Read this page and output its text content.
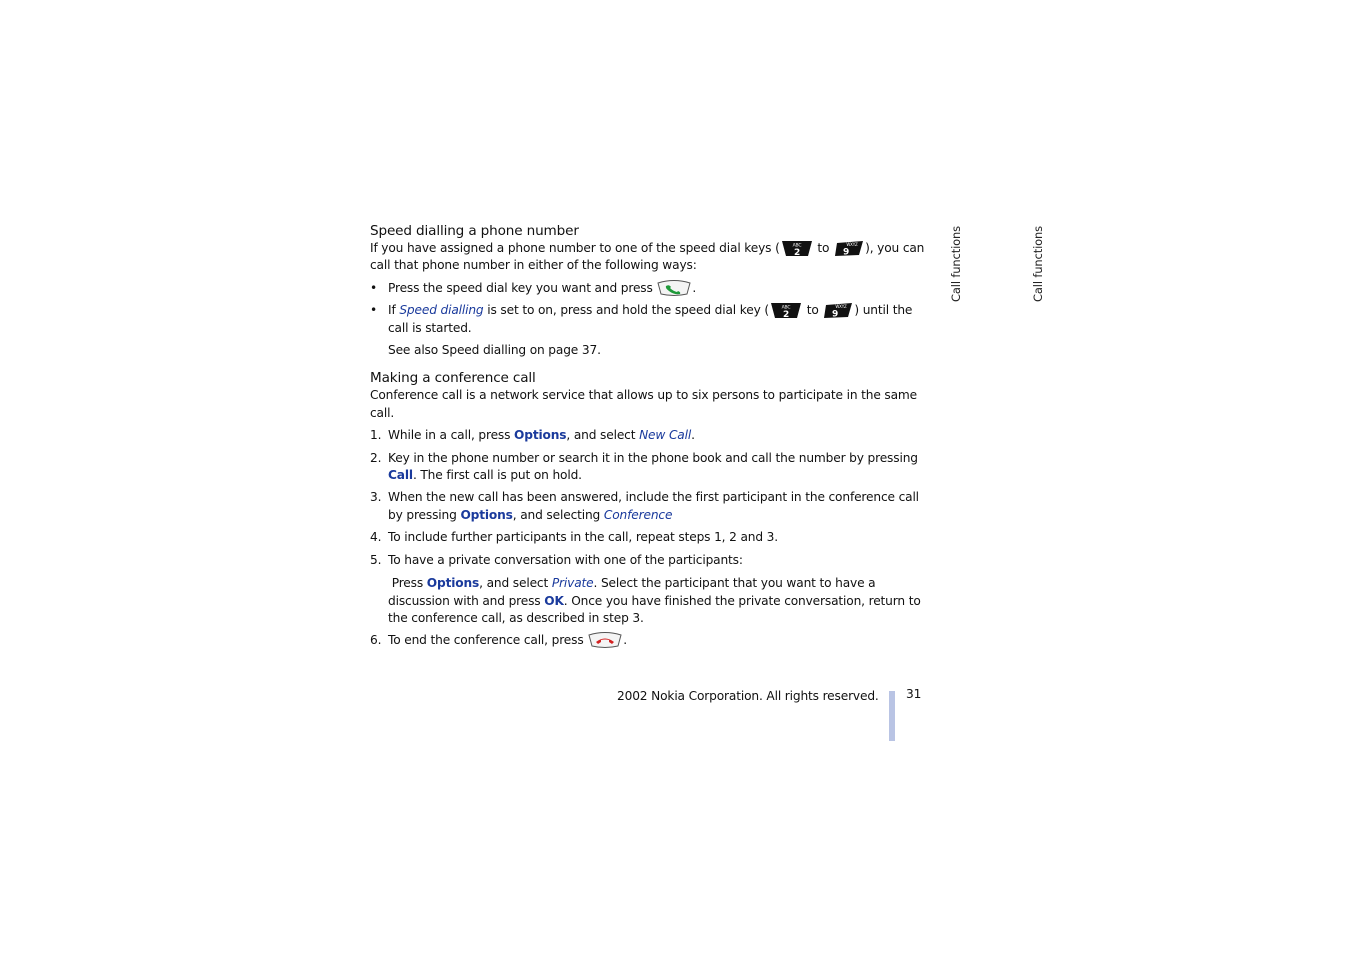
Speed dialling a phone number

If you have assigned a phone number to one of the speed dial keys (	ABC
2 to	WXYZ
9 ), you can call that phone number in either of the following ways:

• Press the speed dial key you want and press	.
• If Speed dialling is set to on, press and hold the speed dial key (	ABC
2 to	WXYZ
9 ) until the call is started.
See also Speed dialling on page 37.
Making a conference call

Conference call is a network service that allows up to six persons to participate in the same call.

1. While in a call, press Options, and select New Call.
2. Key in the phone number or search it in the phone book and call the number by pressing Call. The first call is put on hold.
3. When the new call has been answered, include the first participant in the conference call by pressing Options, and selecting Conference
4. To include further participants in the call, repeat steps 1, 2 and 3.
5. To have a private conversation with one of the participants:
Press Options, and select Private. Select the participant that you want to have a discussion with and press OK. Once you have finished the private conversation, return to the conference call, as described in step 3.
6. To end the conference call, press	.
Call functions	Call functions
2002 Nokia Corporation. All rights reserved. 31
